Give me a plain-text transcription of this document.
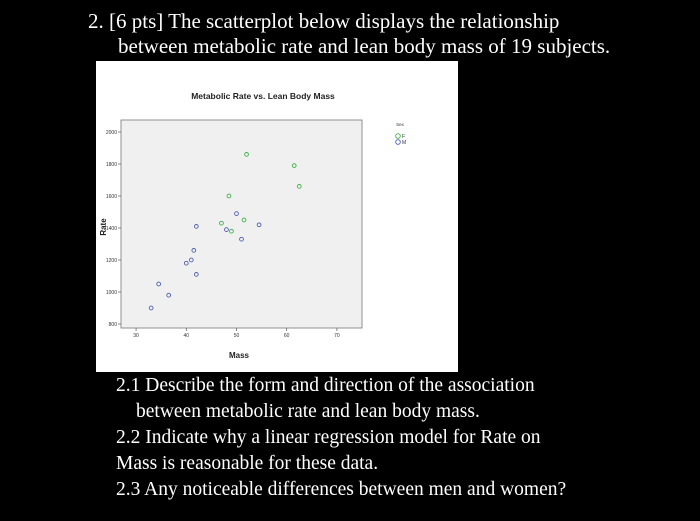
2. [6 pts] The scatterplot below displays the relationship
between metabolic rate and lean body mass of 19 subjects.
Metabolic Rate vs. Lean Body Mass
Rate
Mass
800
1000
1200
1400
1600
1800
2000
30	40	50	60	70
Sex
F
M
2.1 Describe the form and direction of the association
between metabolic rate and lean body mass.
2.2 Indicate why a linear regression model for Rate on
Mass is reasonable for these data.
2.3 Any noticeable differences between men and women?
